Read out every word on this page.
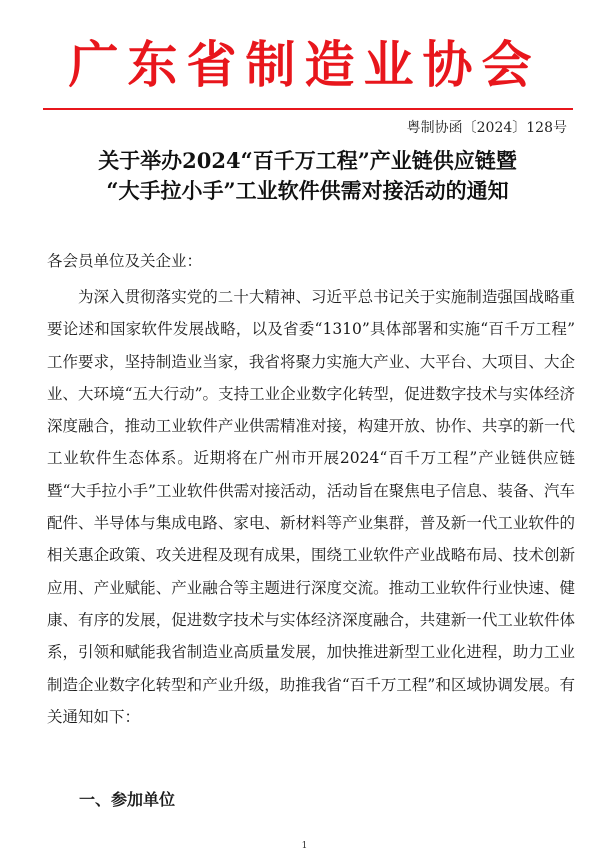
广东省制造业协会
粤制协函〔2024〕128号
关于举办2024“百千万工程”产业链供应链暨
“大手拉小手”工业软件供需对接活动的通知
各会员单位及关企业：

为深入贯彻落实党的二十大精神、习近平总书记关于实施制造强国战略重要论述和国家软件发展战略，以及省委“1310”具体部署和实施“百千万工程” 工作要求，坚持制造业当家，我省将聚力实施大产业、大平台、大项目、大企业、大环境“五大行动”。支持工业企业数字化转型，促进数字技术与实体经济深度融合，推动工业软件产业供需精准对接，构建开放、协作、共享的新一代工业软件生态体系。近期将在广州市开展2024“百千万工程”产业链供应链暨“大手拉小手”工业软件供需对接活动，活动旨在聚焦电子信息、装备、汽车配件、半导体与集成电路、家电、新材料等产业集群，普及新一代工业软件的相关惠企政策、攻关进程及现有成果，围绕工业软件产业战略布局、技术创新应用、产业赋能、产业融合等主题进行深度交流。推动工业软件行业快速、健康、有序的发展，促进数字技术与实体经济深度融合，共建新一代工业软件体系，引领和赋能我省制造业高质量发展，加快推进新型工业化进程，助力工业制造企业数字化转型和产业升级，助推我省“百千万工程”和区域协调发展。有关通知如下：

一、参加单位
1
